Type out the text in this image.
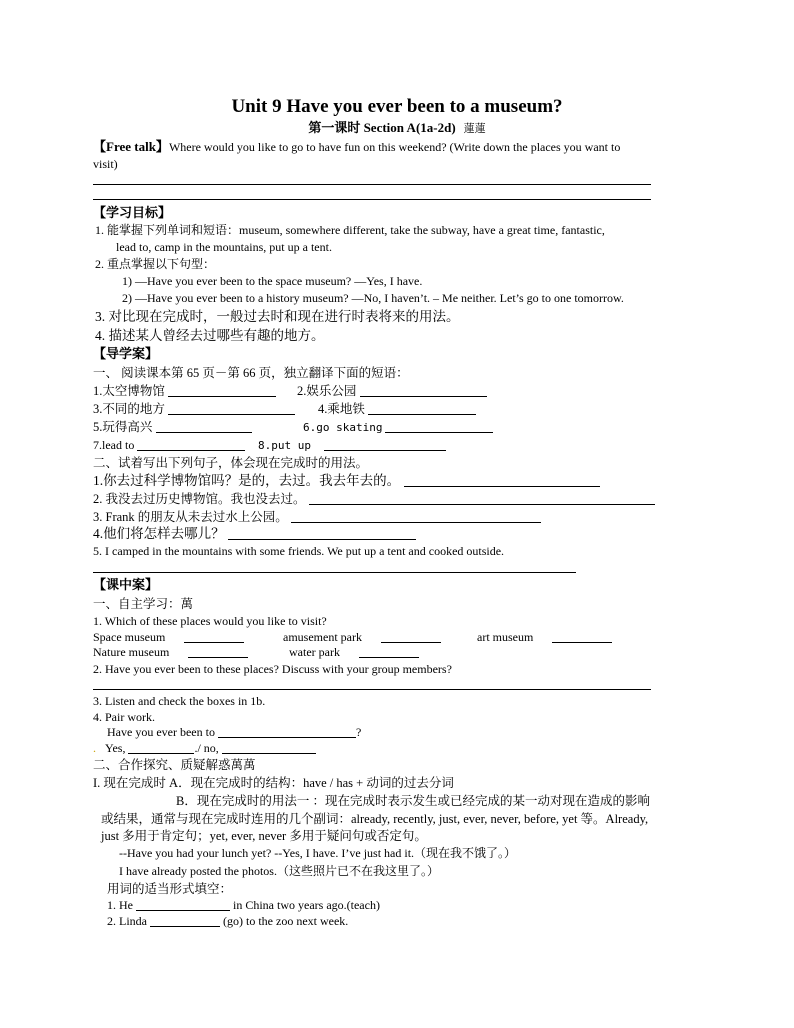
Unit 9 Have you ever been to a museum?
第一课时 Section A(1a-2d) 蓮蓮
【Free talk】Where would you like to go to have fun on this weekend? (Write down the places you want to
visit)
【学习目标】
1. 能掌握下列单词和短语：museum, somewhere different, take the subway, have a great time, fantastic,
lead to, camp in the mountains, put up a tent.
2. 重点掌握以下句型：
1) —Have you ever been to the space museum? —Yes, I have.
2) —Have you ever been to a history museum? —No, I haven’t. – Me neither. Let’s go to one tomorrow.
3. 对比现在完成时，一般过去时和现在进行时表将来的用法。
4. 描述某人曾经去过哪些有趣的地方。
【导学案】
一、 阅读课本第 65 页－第 66 页，独立翻译下面的短语：
1.太空博物馆	2.娱乐公园
3.不同的地方	4.乘地铁
5.玩得高兴	6.go skating
7.lead to	8.put up
二、试着写出下列句子，体会现在完成时的用法。
1.你去过科学博物馆吗？是的，去过。我去年去的。
2. 我没去过历史博物馆。我也没去过。
3. Frank 的朋友从未去过水上公园。
4.他们将怎样去哪儿？
5. I camped in the mountains with some friends. We put up a tent and cooked outside.
【课中案】
一、自主学习：萬
1. Which of these places would you like to visit?
Space museum	amusement park	art museum
Nature museum	water park
2. Have you ever been to these places? Discuss with your group members?
3. Listen and check the boxes in 1b.
4. Pair work.
Have you ever been to	?
. Yes,	./ no,
二、合作探究、质疑解惑萬萬
I. 现在完成时 A．现在完成时的结构：have / has + 动词的过去分词
B．现在完成时的用法一 ：现在完成时表示发生或已经完成的某一动对现在造成的影响
或结果，通常与现在完成时连用的几个副词：already, recently, just, ever, never, before, yet 等。Already,
just 多用于肯定句；yet, ever, never 多用于疑问句或否定句。
--Have you had your lunch yet? --Yes, I have. I’ve just had it.（现在我不饿了。）
I have already posted the photos.（这些照片已不在我这里了。）
用词的适当形式填空：
1. He	in China two years ago.(teach)
2. Linda	(go) to the zoo next week.
